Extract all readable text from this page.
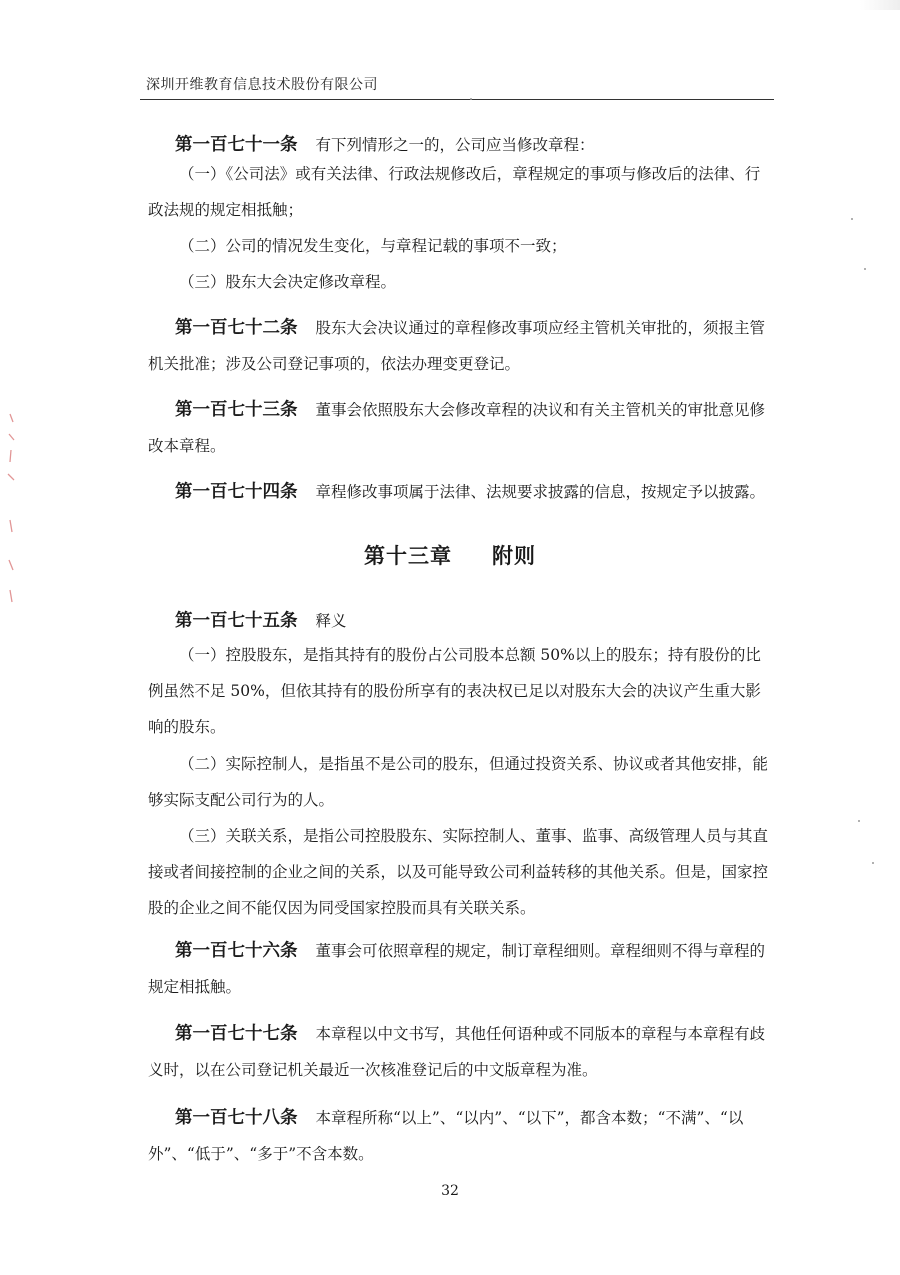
深圳开维教育信息技术股份有限公司

第一百七十一条 有下列情形之一的，公司应当修改章程：

（一）《公司法》或有关法律、行政法规修改后，章程规定的事项与修改后的法律、行政法规的规定相抵触；

（二）公司的情况发生变化，与章程记载的事项不一致；

（三）股东大会决定修改章程。

第一百七十二条 股东大会决议通过的章程修改事项应经主管机关审批的，须报主管机关批准；涉及公司登记事项的，依法办理变更登记。

第一百七十三条 董事会依照股东大会修改章程的决议和有关主管机关的审批意见修改本章程。

第一百七十四条 章程修改事项属于法律、法规要求披露的信息，按规定予以披露。

第十三章 附则

第一百七十五条 释义

（一）控股股东，是指其持有的股份占公司股本总额 50%以上的股东；持有股份的比例虽然不足 50%，但依其持有的股份所享有的表决权已足以对股东大会的决议产生重大影响的股东。

（二）实际控制人，是指虽不是公司的股东，但通过投资关系、协议或者其他安排，能够实际支配公司行为的人。

（三）关联关系，是指公司控股股东、实际控制人、董事、监事、高级管理人员与其直接或者间接控制的企业之间的关系，以及可能导致公司利益转移的其他关系。但是，国家控股的企业之间不能仅因为同受国家控股而具有关联关系。

第一百七十六条 董事会可依照章程的规定，制订章程细则。章程细则不得与章程的规定相抵触。

第一百七十七条 本章程以中文书写，其他任何语种或不同版本的章程与本章程有歧义时，以在公司登记机关最近一次核准登记后的中文版章程为准。

第一百七十八条 本章程所称“以上”、“以内”、“以下”，都含本数；“不满”、“以外”、“低于”、“多于”不含本数。

32
